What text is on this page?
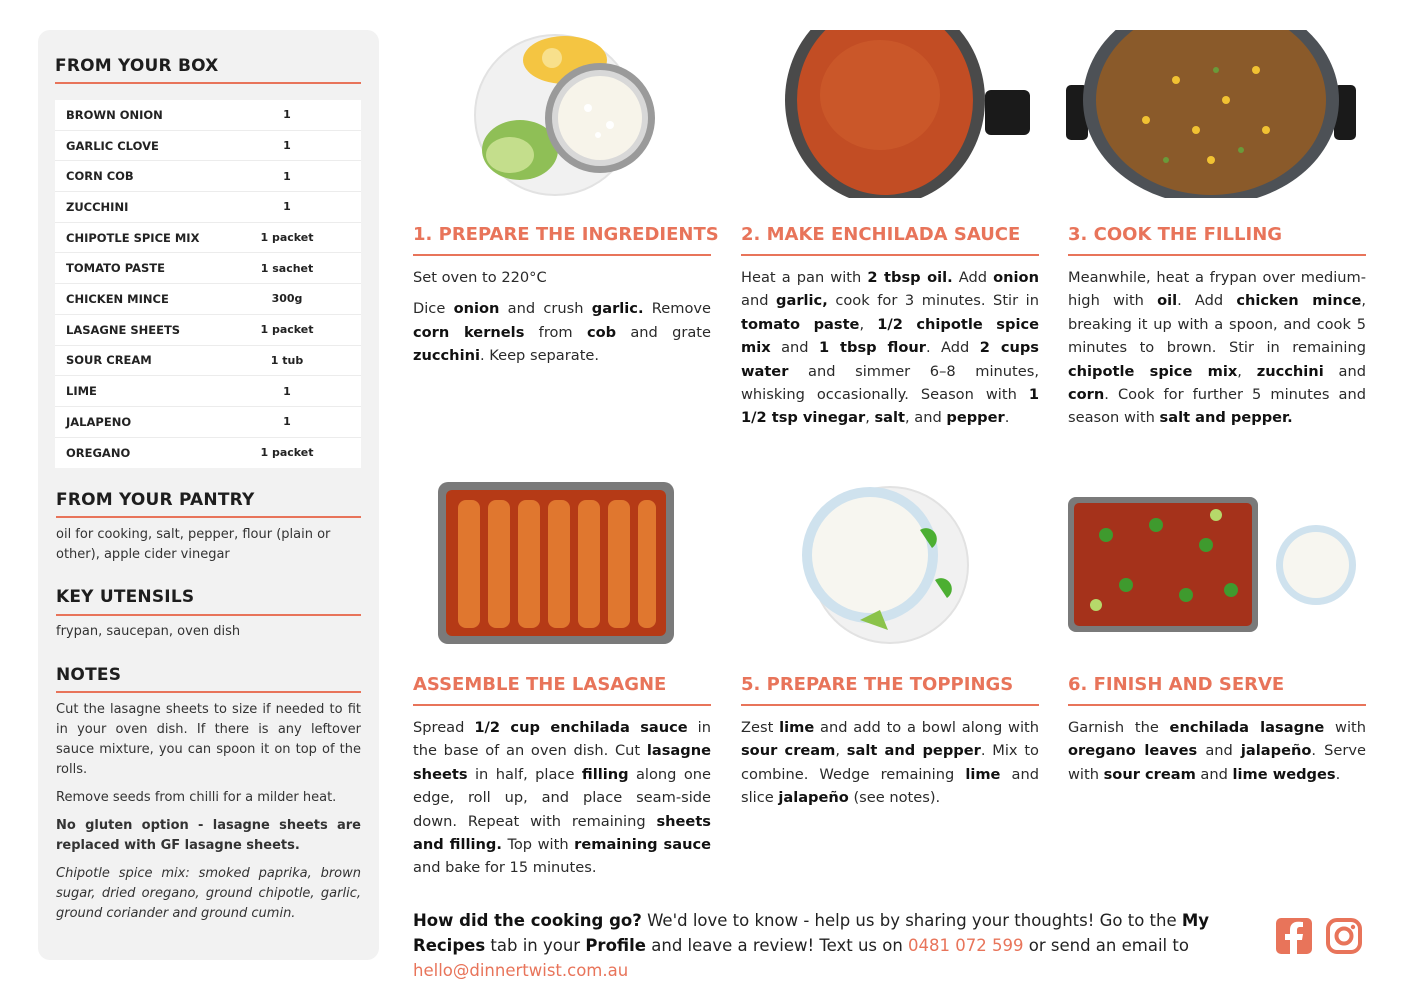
FROM YOUR BOX
BROWN ONION	1
GARLIC CLOVE	1
CORN COB	1
ZUCCHINI	1
CHIPOTLE SPICE MIX	1 packet
TOMATO PASTE	1 sachet
CHICKEN MINCE	300g
LASAGNE SHEETS	1 packet
SOUR CREAM	1 tub
LIME	1
JALAPENO	1
OREGANO	1 packet
FROM YOUR PANTRY

oil for cooking, salt, pepper, flour (plain or other), apple cider vinegar

KEY UTENSILS

frypan, saucepan, oven dish

NOTES

Cut the lasagne sheets to size if needed to fit in your oven dish. If there is any leftover sauce mixture, you can spoon it on top of the rolls.

Remove seeds from chilli for a milder heat.

No gluten option - lasagne sheets are replaced with GF lasagne sheets.

Chipotle spice mix: smoked paprika, brown sugar, dried oregano, ground chipotle, garlic, ground coriander and ground cumin.

1. PREPARE THE INGREDIENTS

Set oven to 220°C

Dice onion and crush garlic. Remove corn kernels from cob and grate zucchini. Keep separate.

2. MAKE ENCHILADA SAUCE

Heat a pan with 2 tbsp oil. Add onion and garlic, cook for 3 minutes. Stir in tomato paste, 1/2 chipotle spice mix and 1 tbsp flour. Add 2 cups water and simmer 6–8 minutes, whisking occasionally. Season with 1 1/2 tsp vinegar, salt, and pepper.

3. COOK THE FILLING

Meanwhile, heat a frypan over medium-high with oil. Add chicken mince, breaking it up with a spoon, and cook 5 minutes to brown. Stir in remaining chipotle spice mix, zucchini and corn. Cook for further 5 minutes and season with salt and pepper.

ASSEMBLE THE LASAGNE

Spread 1/2 cup enchilada sauce in the base of an oven dish. Cut lasagne sheets in half, place filling along one edge, roll up, and place seam-side down. Repeat with remaining sheets and filling. Top with remaining sauce and bake for 15 minutes.

5. PREPARE THE TOPPINGS

Zest lime and add to a bowl along with sour cream, salt and pepper. Mix to combine. Wedge remaining lime and slice jalapeño (see notes).

6. FINISH AND SERVE

Garnish the enchilada lasagne with oregano leaves and jalapeño. Serve with sour cream and lime wedges.

How did the cooking go? We'd love to know - help us by sharing your thoughts! Go to the My Recipes tab in your Profile and leave a review! Text us on 0481 072 599 or send an email to hello@dinnertwist.com.au
